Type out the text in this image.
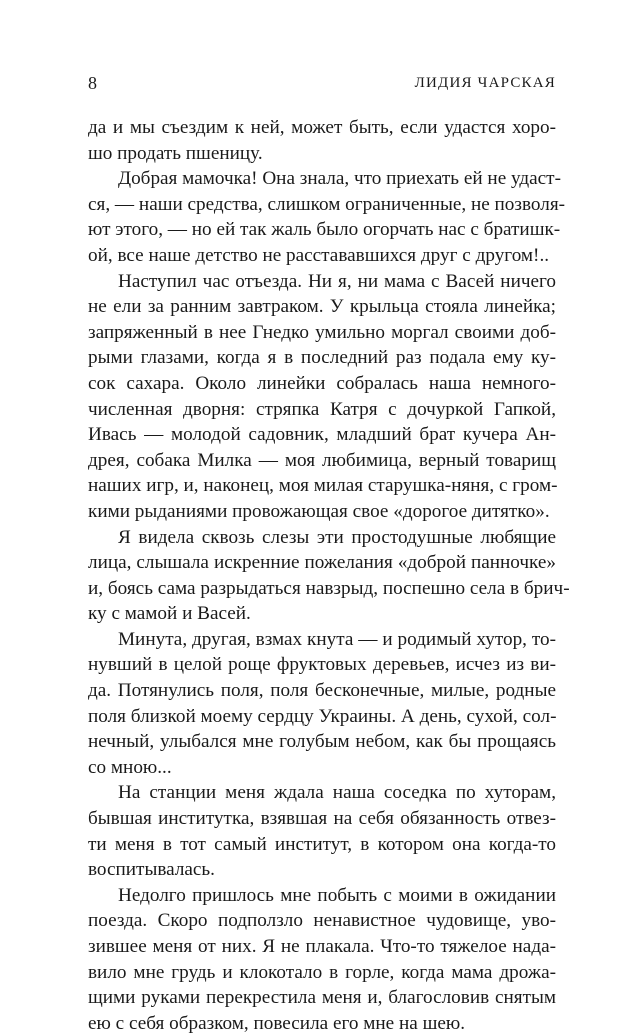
8	ЛИДИЯ ЧАРСКАЯ
да и мы съездим к ней, может быть, если удастся хоро-
шо продать пшеницу.
Добрая мамочка! Она знала, что приехать ей не удаст-
ся, — наши средства, слишком ограниченные, не позволя-
ют этого, — но ей так жаль было огорчать нас с братишк-
ой, все наше детство не расстававшихся друг с другом!..
Наступил час отъезда. Ни я, ни мама с Васей ничего
не ели за ранним завтраком. У крыльца стояла линейка;
запряженный в нее Гнедко умильно моргал своими доб-
рыми глазами, когда я в последний раз подала ему ку-
сок сахара. Около линейки собралась наша немного-
численная дворня: стряпка Катря с дочуркой Гапкой,
Ивась — молодой садовник, младший брат кучера Ан-
дрея, собака Милка — моя любимица, верный товарищ
наших игр, и, наконец, моя милая старушка-няня, с гром-
кими рыданиями провожающая свое «дорогое дитятко».
Я видела сквозь слезы эти простодушные любящие
лица, слышала искренние пожелания «доброй панночке»
и, боясь сама разрыдаться навзрыд, поспешно села в брич-
ку с мамой и Васей.
Минута, другая, взмах кнута — и родимый хутор, то-
нувший в целой роще фруктовых деревьев, исчез из ви-
да. Потянулись поля, поля бесконечные, милые, родные
поля близкой моему сердцу Украины. А день, сухой, сол-
нечный, улыбался мне голубым небом, как бы прощаясь
со мною...
На станции меня ждала наша соседка по хуторам,
бывшая институтка, взявшая на себя обязанность отвез-
ти меня в тот самый институт, в котором она когда-то
воспитывалась.
Недолго пришлось мне побыть с моими в ожидании
поезда. Скоро подползло ненавистное чудовище, уво-
зившее меня от них. Я не плакала. Что-то тяжелое нада-
вило мне грудь и клокотало в горле, когда мама дрожа-
щими руками перекрестила меня и, благословив снятым
ею с себя образком, повесила его мне на шею.
